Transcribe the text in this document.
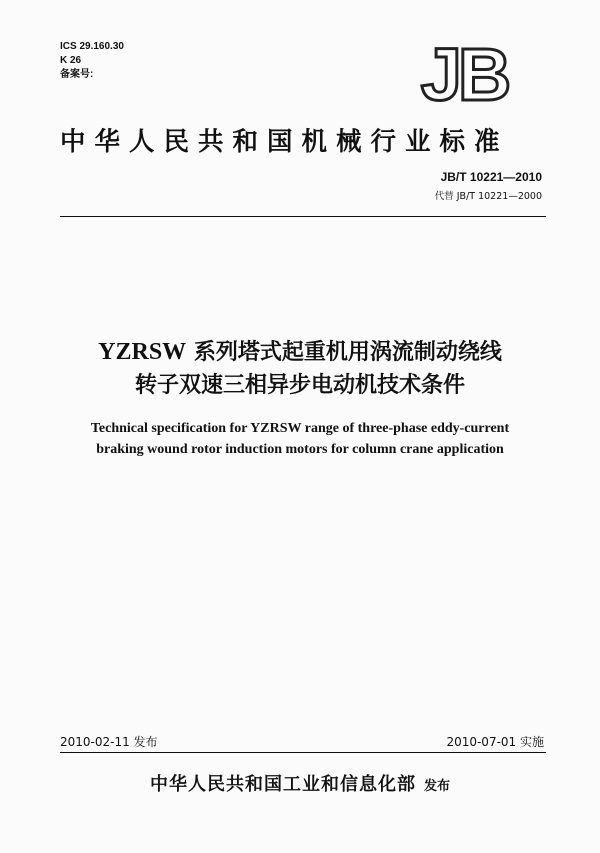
ICS 29.160.30
K 26
备案号:	JB
中华人民共和国机械行业标准
JB/T 10221—2010
代替 JB/T 10221—2000
YZRSW 系列塔式起重机用涡流制动绕线
转子双速三相异步电动机技术条件
Technical specification for YZRSW range of three-phase eddy-current
braking wound rotor induction motors for column crane application
2010-02-11 发布	2010-07-01 实施
中华人民共和国工业和信息化部 发布
